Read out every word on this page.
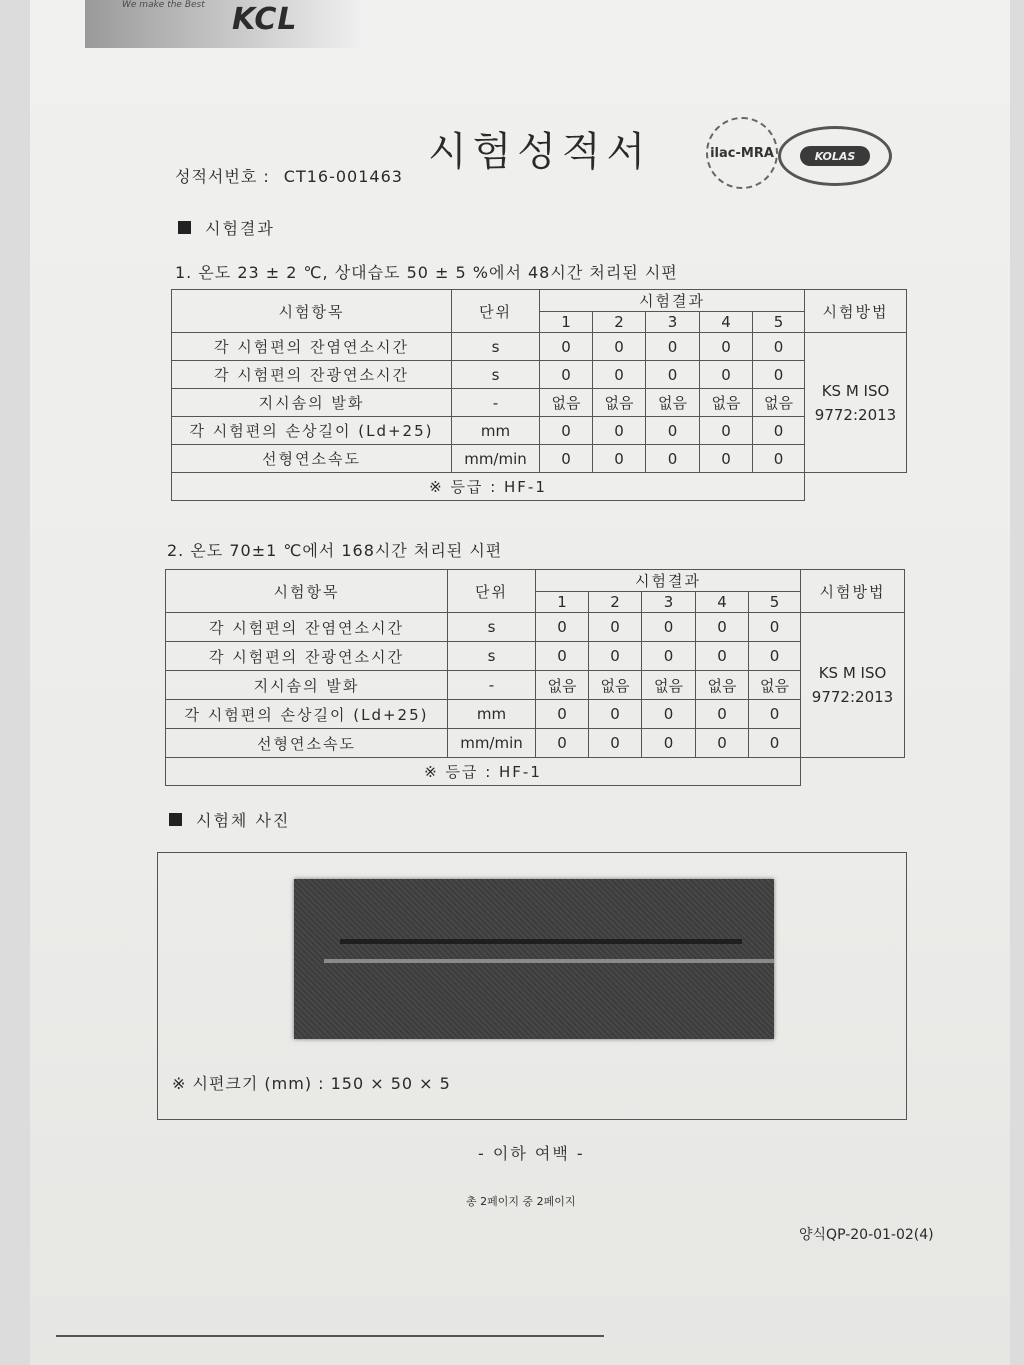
We make the Best KCL
시험성적서
성적서번호 : CT16-001463
ilac-MRA	KOLAS
시험결과
1. 온도 23 ± 2 ℃, 상대습도 50 ± 5 %에서 48시간 처리된 시편
시험항목	단위	시험결과					시험방법
		1	2	3	4	5	
각 시험편의 잔염연소시간	s	0	0	0	0	0	KS M ISO
9772:2013

각 시험편의 잔광연소시간	s	0	0	0	0	0	
지시솜의 발화	-	없음	없음	없음	없음	없음	
각 시험편의 손상길이 (Ld+25)	mm	0	0	0	0	0	
선형연소속도	mm/min	0	0	0	0	0	
※ 등급 : HF-1							
2. 온도 70±1 ℃에서 168시간 처리된 시편
시험항목	단위	시험결과					시험방법
		1	2	3	4	5	
각 시험편의 잔염연소시간	s	0	0	0	0	0	KS M ISO
9772:2013

각 시험편의 잔광연소시간	s	0	0	0	0	0	
지시솜의 발화	-	없음	없음	없음	없음	없음	
각 시험편의 손상길이 (Ld+25)	mm	0	0	0	0	0	
선형연소속도	mm/min	0	0	0	0	0	
※ 등급 : HF-1							
시험체 사진
※ 시편크기 (mm) : 150 × 50 × 5
- 이하 여백 -
총 2페이지 중 2페이지
양식QP-20-01-02(4)
